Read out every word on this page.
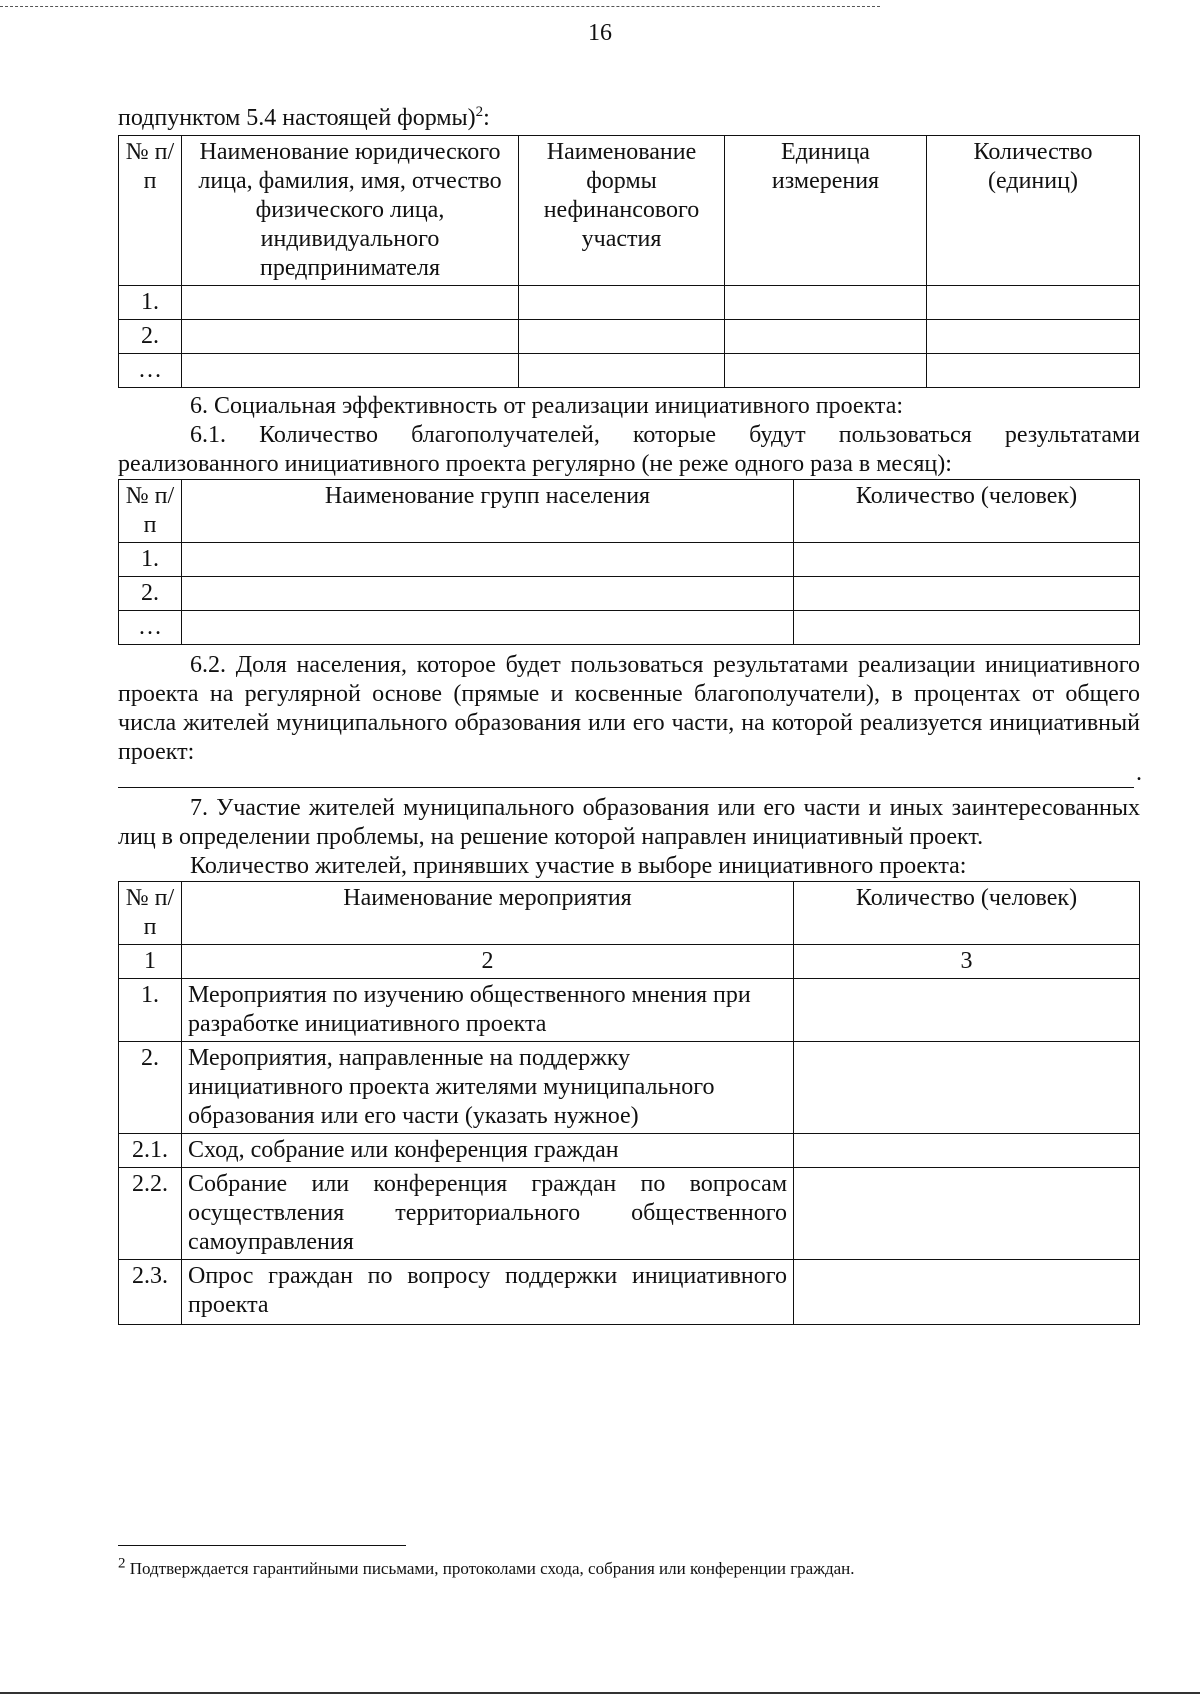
16

подпунктом 5.4 настоящей формы)$^2$:

№ п/п	Наименование юридического лица, фамилия, имя, отчество физического лица, индивидуального предпринимателя	Наименование формы нефинансового участия	Единица измерения	Количество (единиц)
1.				
2.				
…				

6. Социальная эффективность от реализации инициативного проекта:

6.1. Количество благополучателей, которые будут пользоваться результатами реализованного инициативного проекта регулярно (не реже одного раза в месяц):

№ п/п	Наименование групп населения	Количество (человек)
1.		
2.		
…		

6.2. Доля населения, которое будет пользоваться результатами реализации инициативного проекта на регулярной основе (прямые и косвенные благополучатели), в процентах от общего числа жителей муниципального образования или его части, на которой реализуется инициативный проект:

.

7. Участие жителей муниципального образования или его части и иных заинтересованных лиц в определении проблемы, на решение которой направлен инициативный проект.

Количество жителей, принявших участие в выборе инициативного проекта:

№ п/п	Наименование мероприятия	Количество (человек)
1	2	3
1.	Мероприятия по изучению общественного мнения при разработке инициативного проекта	
2.	Мероприятия, направленные на поддержку инициативного проекта жителями муниципального образования или его части (указать нужное)	
2.1.	Сход, собрание или конференция граждан	
2.2.	Собрание или конференция граждан по вопросам осуществления территориального общественного самоуправления	
2.3.	Опрос граждан по вопросу поддержки инициативного проекта	
$^2$ Подтверждается гарантийными письмами, протоколами схода, собрания или конференции граждан.
